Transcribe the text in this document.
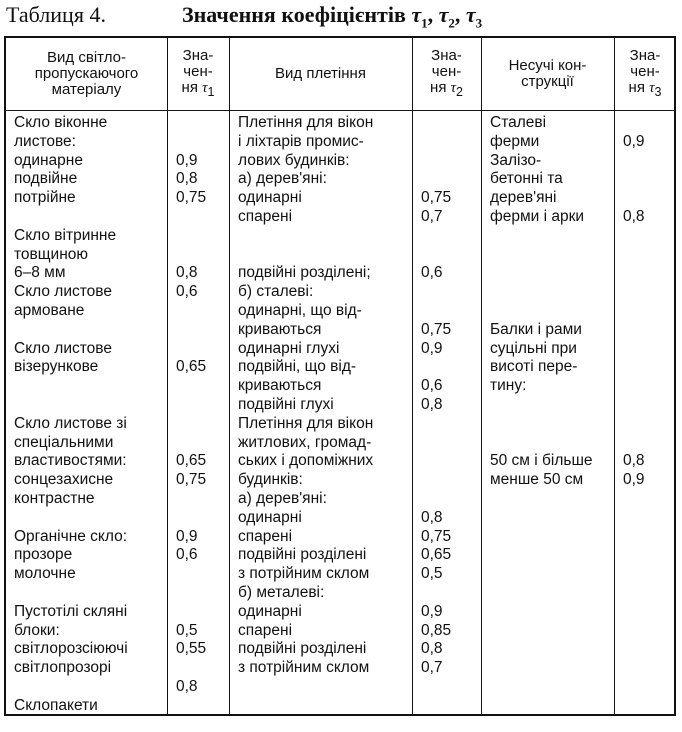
Таблиця 4.	Значення коефіцієнтів $\tau_1$, $\tau_2$, $\tau_3$
Вид світло-
пропускаючого
матеріалу
Зна-
чен-
ня $\tau_1$
Вид плетіння
Зна-
чен-
ня $\tau_2$
Несучі кон-
струкції
Зна-
чен-
ня $\tau_3$
Скло віконне
листове:
одинарне
подвійне
потрійне
Скло вітринне
товщиною
6–8 мм
Скло листове
армоване
Скло листове
візерункове
Скло листове зі
спеціальними
властивостями:
сонцезахисне
контрастне
Органічне скло:
прозоре
молочне
Пустотілі скляні
блоки:
світлорозсіюючі
світлопрозорі
Склопакети
0,9
0,8
0,75
0,8
0,6
0,65
0,65
0,75
0,9
0,6
0,5
0,55
0,8
Плетіння для вікон
і ліхтарів промис-
лових будинків:
а) дерев'яні:
одинарні
спарені
подвійні розділені;
б) сталеві:
одинарні, що від-
криваються
одинарні глухі
подвійні, що від-
криваються
подвійні глухі
Плетіння для вікон
житлових, громад-
ських і допоміжних
будинків:
а) дерев'яні:
одинарні
спарені
подвійні розділені
з потрійним склом
б) металеві:
одинарні
спарені
подвійні розділені
з потрійним склом
0,75
0,7
0,6
0,75
0,9
0,6
0,8
0,8
0,75
0,65
0,5
0,9
0,85
0,8
0,7
Сталеві
ферми
Залізо-
бетонні та
дерев'яні
ферми і арки
Балки і рами
суцільні при
висоті перe-
тину:
50 см і більше
менше 50 см
0,9
0,8
0,8
0,9
